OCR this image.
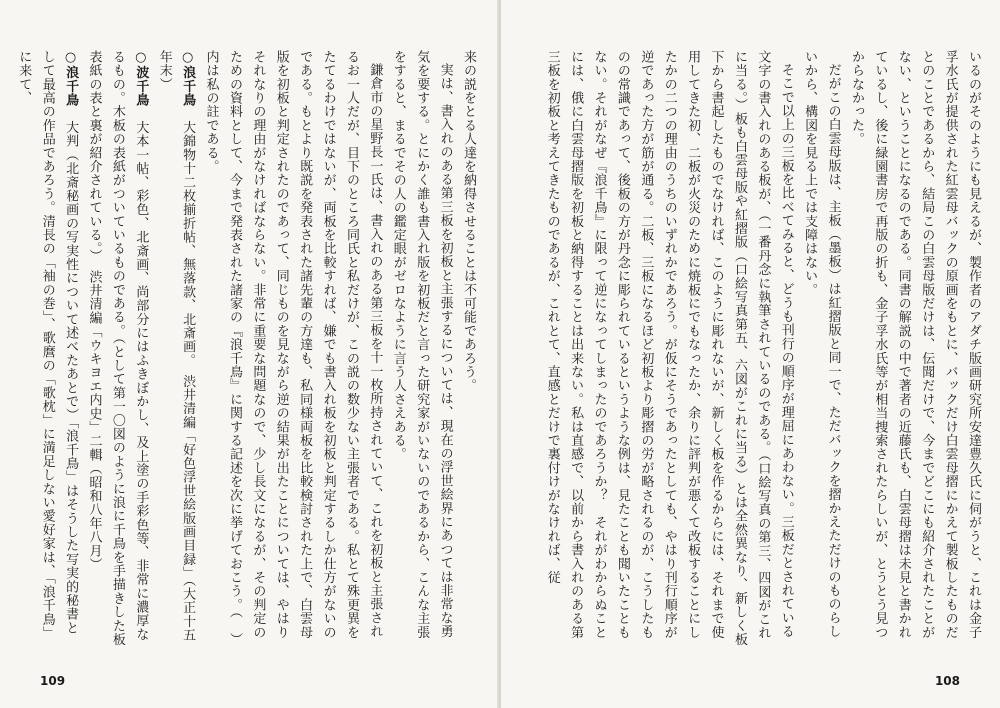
来の説をとる人達を納得させることは不可能であろう。

実は、書入れのある第三板を初板と主張するについては、現在の浮世絵界にあつては非常な勇気を要する。とにかく誰も書入れ版を初板だと言った研究家がいないのであるから、こんな主張をすると、まるでその人の鑑定眼がゼロなように言う人さえある。

鎌倉市の星野長一氏は、書入れのある第三板を十一枚所持されていて、これを初板と主張されるお一人だが、目下のところ同氏と私だけが、この説の数少ない主張者である。私とて殊更異をたてるわけではないが、両板を比較すれば、嫌でも書入れ板を初板と判定するしか仕方がないのである。もとより既説を発表された諸先輩の方達も、私同様両板を比較検討された上で、白雲母版を初板と判定されたのであって、同じものを見ながら逆の結果が出たことについては、やはりそれなりの理由がなければならない。非常に重要な問題なので、少し長文になるが、その判定のための資料として、今まで発表された諸家の『浪千鳥』に関する記述を次に挙げておこう。（　）内は私の註である。

○浪千鳥　大錦物十二枚揃折帖、無落款、北斎画。　渋井清編「好色浮世絵版画目録」（大正十五年末）

○波千鳥　大本一帖、彩色、北斎画、尚部分にはふきぼかし、及上塗の手彩色等、非常に濃厚なるもの。木板の表紙がついているものである。（として第一〇図のように浪に千鳥を手描きした板表紙の表と裏が紹介されている。）　渋井清編「ウキヨエ内史」二輯（昭和八年八月）

○浪千鳥　大判（北斎秘画の写実性について述べたあとで）「浪千鳥」はそうした写実的秘書として最高の作品であろう。清長の「袖の巻」、歌麿の「歌枕」に満足しない愛好家は、「浪千鳥」に来て、

109

いるのがそのようにも見えるが、製作者のアダチ版画研究所安達豊久氏に伺がうと、これは金子孚水氏が提供された紅雲母バックの原画をもとに、バックだけ白雲母摺にかえて製板したものだとのことであるから、結局この白雲母版だけは、伝聞だけで、今までどこにも紹介されたことがない、ということになるのである。同書の解説の中で著者の近藤氏も、白雲母摺は未見と書かれているし、後に緑園書房で再版の折も、金子孚水氏等が相当捜索されたらしいが、とうとう見つからなかった。

だがこの白雲母版は、主板（墨板）は紅摺版と同一で、ただバックを摺かえただけのものらしいから、構図を見る上では支障はない。

そこで以上の三板を比べてみると、どうも刊行の順序が理屈にあわない。三板だとされている文字の書入れのある板が、（一番丹念に執筆されているのである。（口絵写真の第三、四図がこれに当る。）板も白雲母版や紅摺版（口絵写真第五、六図がこれに当る）とは全然異なり、新しく板下から書起したものでなければ、このように彫れないが、新しく板を作るからには、それまで使用してきた初、二板が火災のために焼板にでもなったか、余りに評判が悪くて改板することにしたかの二つの理由のうちのいずれかであろう。が仮にそうであったとしても、やはり刊行順序が逆であった方が筋が通る。二板、三板になるほど初板より彫摺の労が略されるのが、こうしたものの常識であって、後板の方が丹念に彫られているというような例は、見たことも聞いたこともない。それがなぜ『浪千鳥』に限って逆になってしまったのであろうか？　それがわからぬことには、俄に白雲母摺版を初板と納得することは出来ない。私は直感で、以前から書入れのある第三板を初板と考えてきたものであるが、これとて、直感とだけで裏付けがなければ、従

108
